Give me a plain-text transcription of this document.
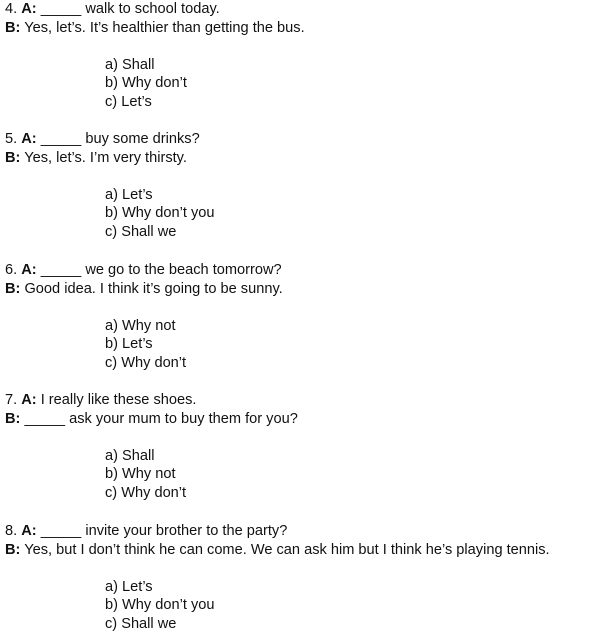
4. A: _____ walk to school today.
B: Yes, let’s. It’s healthier than getting the bus.
a) Shall
b) Why don’t
c) Let’s
5. A: _____ buy some drinks?
B: Yes, let’s. I’m very thirsty.
a) Let’s
b) Why don’t you
c) Shall we
6. A: _____ we go to the beach tomorrow?
B: Good idea. I think it’s going to be sunny.
a) Why not
b) Let’s
c) Why don’t
7. A: I really like these shoes.
B: _____ ask your mum to buy them for you?
a) Shall
b) Why not
c) Why don’t
8. A: _____ invite your brother to the party?
B: Yes, but I don’t think he can come. We can ask him but I think he’s playing tennis.
a) Let’s
b) Why don’t you
c) Shall we
